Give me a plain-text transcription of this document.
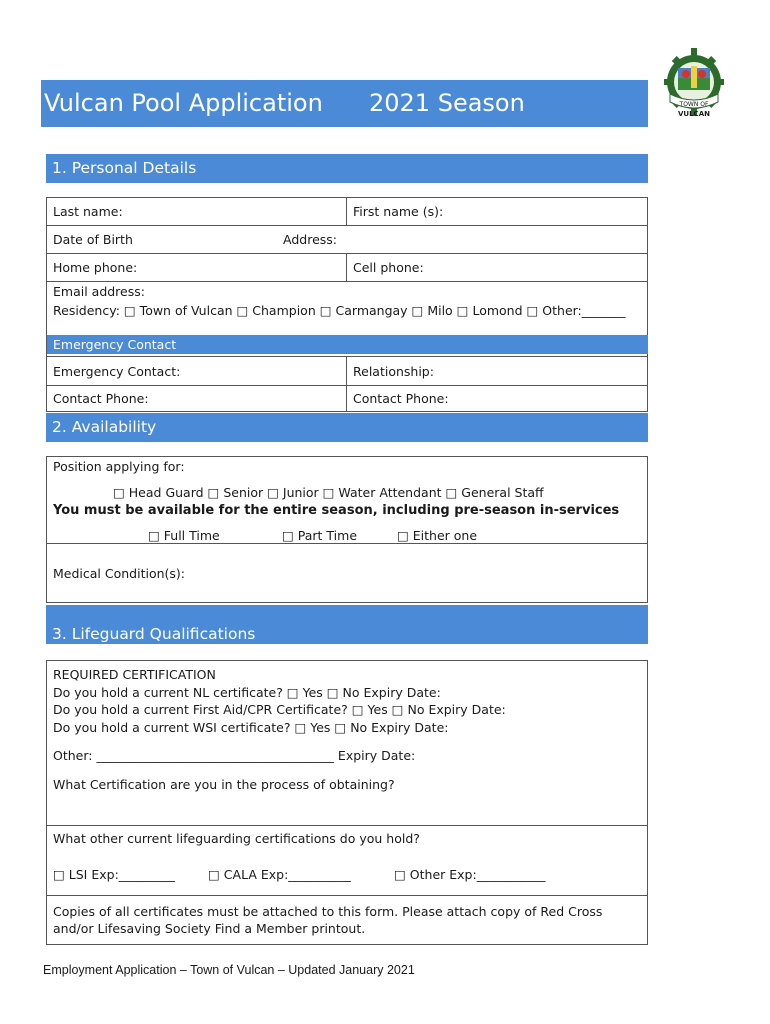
TOWN OF
VULCAN
Vulcan Pool Application 2021 Season
1. Personal Details
Last name:	First name (s):
Date of Birth	Address:
Home phone:	Cell phone:
Email address:
Residency: □ Town of Vulcan □ Champion □ Carmangay □ Milo □ Lomond □ Other:_______
Emergency Contact
Emergency Contact:	Relationship:
Contact Phone:	Contact Phone:
2. Availability
Position applying for:
□ Head Guard □ Senior □ Junior □ Water Attendant □ General Staff
You must be available for the entire season, including pre-season in-services
□ Full Time	□ Part Time	□ Either one
Medical Condition(s):
3. Lifeguard Qualifications
REQUIRED CERTIFICATION
Do you hold a current NL certificate? □ Yes □ No Expiry Date:
Do you hold a current First Aid/CPR Certificate? □ Yes □ No Expiry Date:
Do you hold a current WSI certificate? □ Yes □ No Expiry Date:
Other: ______________________________________ Expiry Date:
What Certification are you in the process of obtaining?
What other current lifeguarding certifications do you hold?
□ LSI Exp:_________	□ CALA Exp:__________	□ Other Exp:___________
Copies of all certificates must be attached to this form. Please attach copy of Red Cross
and/or Lifesaving Society Find a Member printout.
Employment Application – Town of Vulcan – Updated January 2021
